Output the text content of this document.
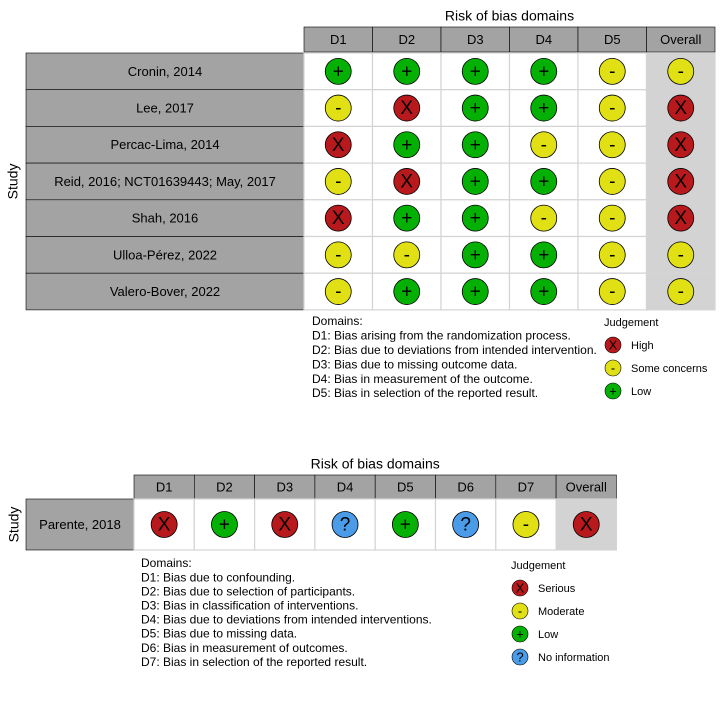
Risk of bias domains
Study
D1	D2	D3	D4	D5	Overall
Cronin, 2014	+	+	+	+	-	-
Lee, 2017	-	X	+	+	-	X
Percac-Lima, 2014	X	+	+	-	-	X
Reid, 2016; NCT01639443; May, 2017	-	X	+	+	-	X
Shah, 2016	X	+	+	-	-	X
Ulloa-Pérez, 2022	-	-	+	+	-	-
Valero-Bover, 2022	-	+	+	+	-	-
Domains:
D1: Bias arising from the randomization process.
D2: Bias due to deviations from intended intervention.
D3: Bias due to missing outcome data.
D4: Bias in measurement of the outcome.
D5: Bias in selection of the reported result.
Judgement
X High
- Some concerns
+ Low
Risk of bias domains
Study
D1	D2	D3	D4	D5	D6	D7 Overall
Parente, 2018 X	+	X	?	+	?	-	X
Domains:
D1: Bias due to confounding.
D2: Bias due to selection of participants.
D3: Bias in classification of interventions.
D4: Bias due to deviations from intended interventions.
D5: Bias due to missing data.
D6: Bias in measurement of outcomes.
D7: Bias in selection of the reported result.
Judgement
X Serious
- Moderate
+ Low
? No information
